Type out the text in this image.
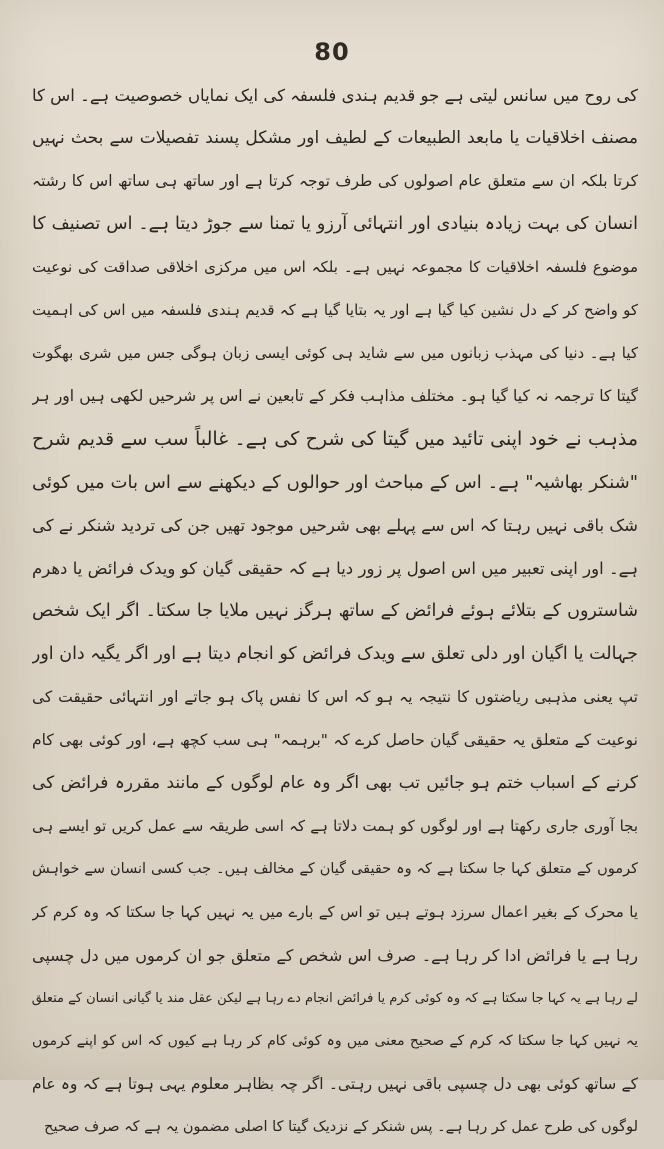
80
کی روح میں سانس لیتی ہے جو قدیم ہندی فلسفہ کی ایک نمایاں خصوصیت ہے۔ اس کا
مصنف اخلاقیات یا مابعد الطبیعات کے لطیف اور مشکل پسند تفصیلات سے بحث نہیں
کرتا بلکہ ان سے متعلق عام اصولوں کی طرف توجہ کرتا ہے اور ساتھ ہی ساتھ اس کا رشتہ
انسان کی بہت زیادہ بنیادی اور انتہائی آرزو یا تمنا سے جوڑ دیتا ہے۔ اس تصنیف کا
موضوع فلسفہ اخلاقیات کا مجموعہ نہیں ہے۔ بلکہ اس میں مرکزی اخلاقی صداقت کی نوعیت
کو واضح کر کے دل نشین کیا گیا ہے اور یہ بتایا گیا ہے کہ قدیم ہندی فلسفہ میں اس کی اہمیت
کیا ہے۔ دنیا کی مہذب زبانوں میں سے شاید ہی کوئی ایسی زبان ہوگی جس میں شری بھگوت
گیتا کا ترجمہ نہ کیا گیا ہو۔ مختلف مذاہب فکر کے تابعین نے اس پر شرحیں لکھی ہیں اور ہر
مذہب نے خود اپنی تائید میں گیتا کی شرح کی ہے۔ غالباً سب سے قدیم شرح
"شنکر بھاشیہ" ہے۔ اس کے مباحث اور حوالوں کے دیکھنے سے اس بات میں کوئی
شک باقی نہیں رہتا کہ اس سے پہلے بھی شرحیں موجود تھیں جن کی تردید شنکر نے کی
ہے۔ اور اپنی تعبیر میں اس اصول پر زور دیا ہے کہ حقیقی گیان کو ویدک فرائض یا دھرم
شاستروں کے بتلائے ہوئے فرائض کے ساتھ ہرگز نہیں ملایا جا سکتا۔ اگر ایک شخص
جہالت یا اگیان اور دلی تعلق سے ویدک فرائض کو انجام دیتا ہے اور اگر یگیہ دان اور
تپ یعنی مذہبی ریاضتوں کا نتیجہ یہ ہو کہ اس کا نفس پاک ہو جاتے اور انتہائی حقیقت کی
نوعیت کے متعلق یہ حقیقی گیان حاصل کرے کہ "برہمہ" ہی سب کچھ ہے، اور کوئی بھی کام
کرنے کے اسباب ختم ہو جائیں تب بھی اگر وہ عام لوگوں کے مانند مقررہ فرائض کی
بجا آوری جاری رکھتا ہے اور لوگوں کو ہمت دلاتا ہے کہ اسی طریقہ سے عمل کریں تو ایسے ہی
کرموں کے متعلق کہا جا سکتا ہے کہ وہ حقیقی گیان کے مخالف ہیں۔ جب کسی انسان سے خواہش
یا محرک کے بغیر اعمال سرزد ہوتے ہیں تو اس کے بارے میں یہ نہیں کہا جا سکتا کہ وہ کرم کر
رہا ہے یا فرائض ادا کر رہا ہے۔ صرف اس شخص کے متعلق جو ان کرموں میں دل چسپی
لے رہا ہے یہ کہا جا سکتا ہے کہ وہ کوئی کرم یا فرائض انجام دے رہا ہے لیکن عقل مند یا گیانی انسان کے متعلق
یہ نہیں کہا جا سکتا کہ کرم کے صحیح معنی میں وہ کوئی کام کر رہا ہے کیوں کہ اس کو اپنے کرموں
کے ساتھ کوئی بھی دل چسپی باقی نہیں رہتی۔ اگر چہ بظاہر معلوم یہی ہوتا ہے کہ وہ عام
لوگوں کی طرح عمل کر رہا ہے۔ پس شنکر کے نزدیک گیتا کا اصلی مضمون یہ ہے کہ صرف صحیح
